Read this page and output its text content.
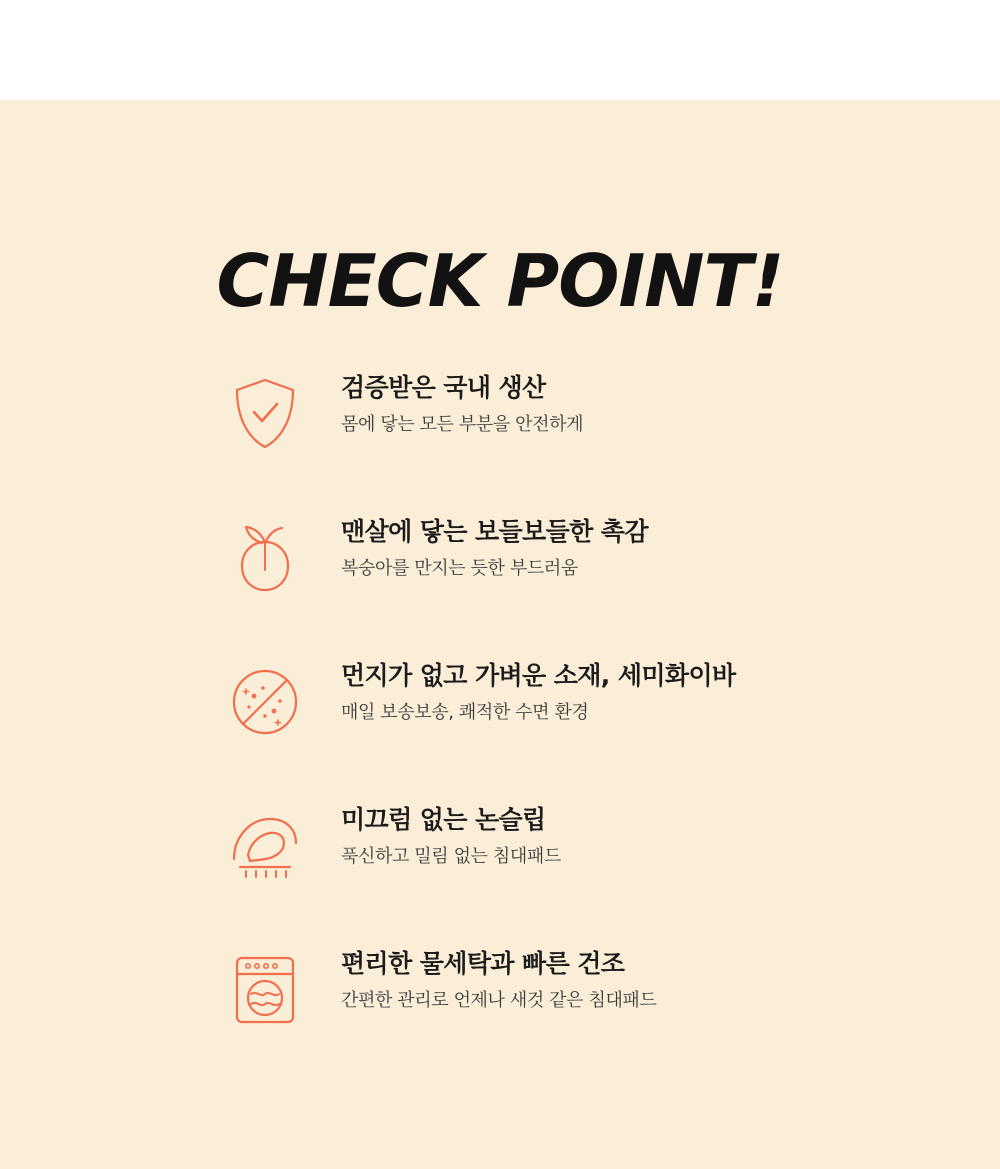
CHECK POINT!
검증받은 국내 생산
몸에 닿는 모든 부분을 안전하게
맨살에 닿는 보들보들한 촉감
복숭아를 만지는 듯한 부드러움
먼지가 없고 가벼운 소재, 세미화이바
매일 보송보송, 쾌적한 수면 환경
미끄럼 없는 논슬립
푹신하고 밀림 없는 침대패드
편리한 물세탁과 빠른 건조
간편한 관리로 언제나 새것 같은 침대패드
